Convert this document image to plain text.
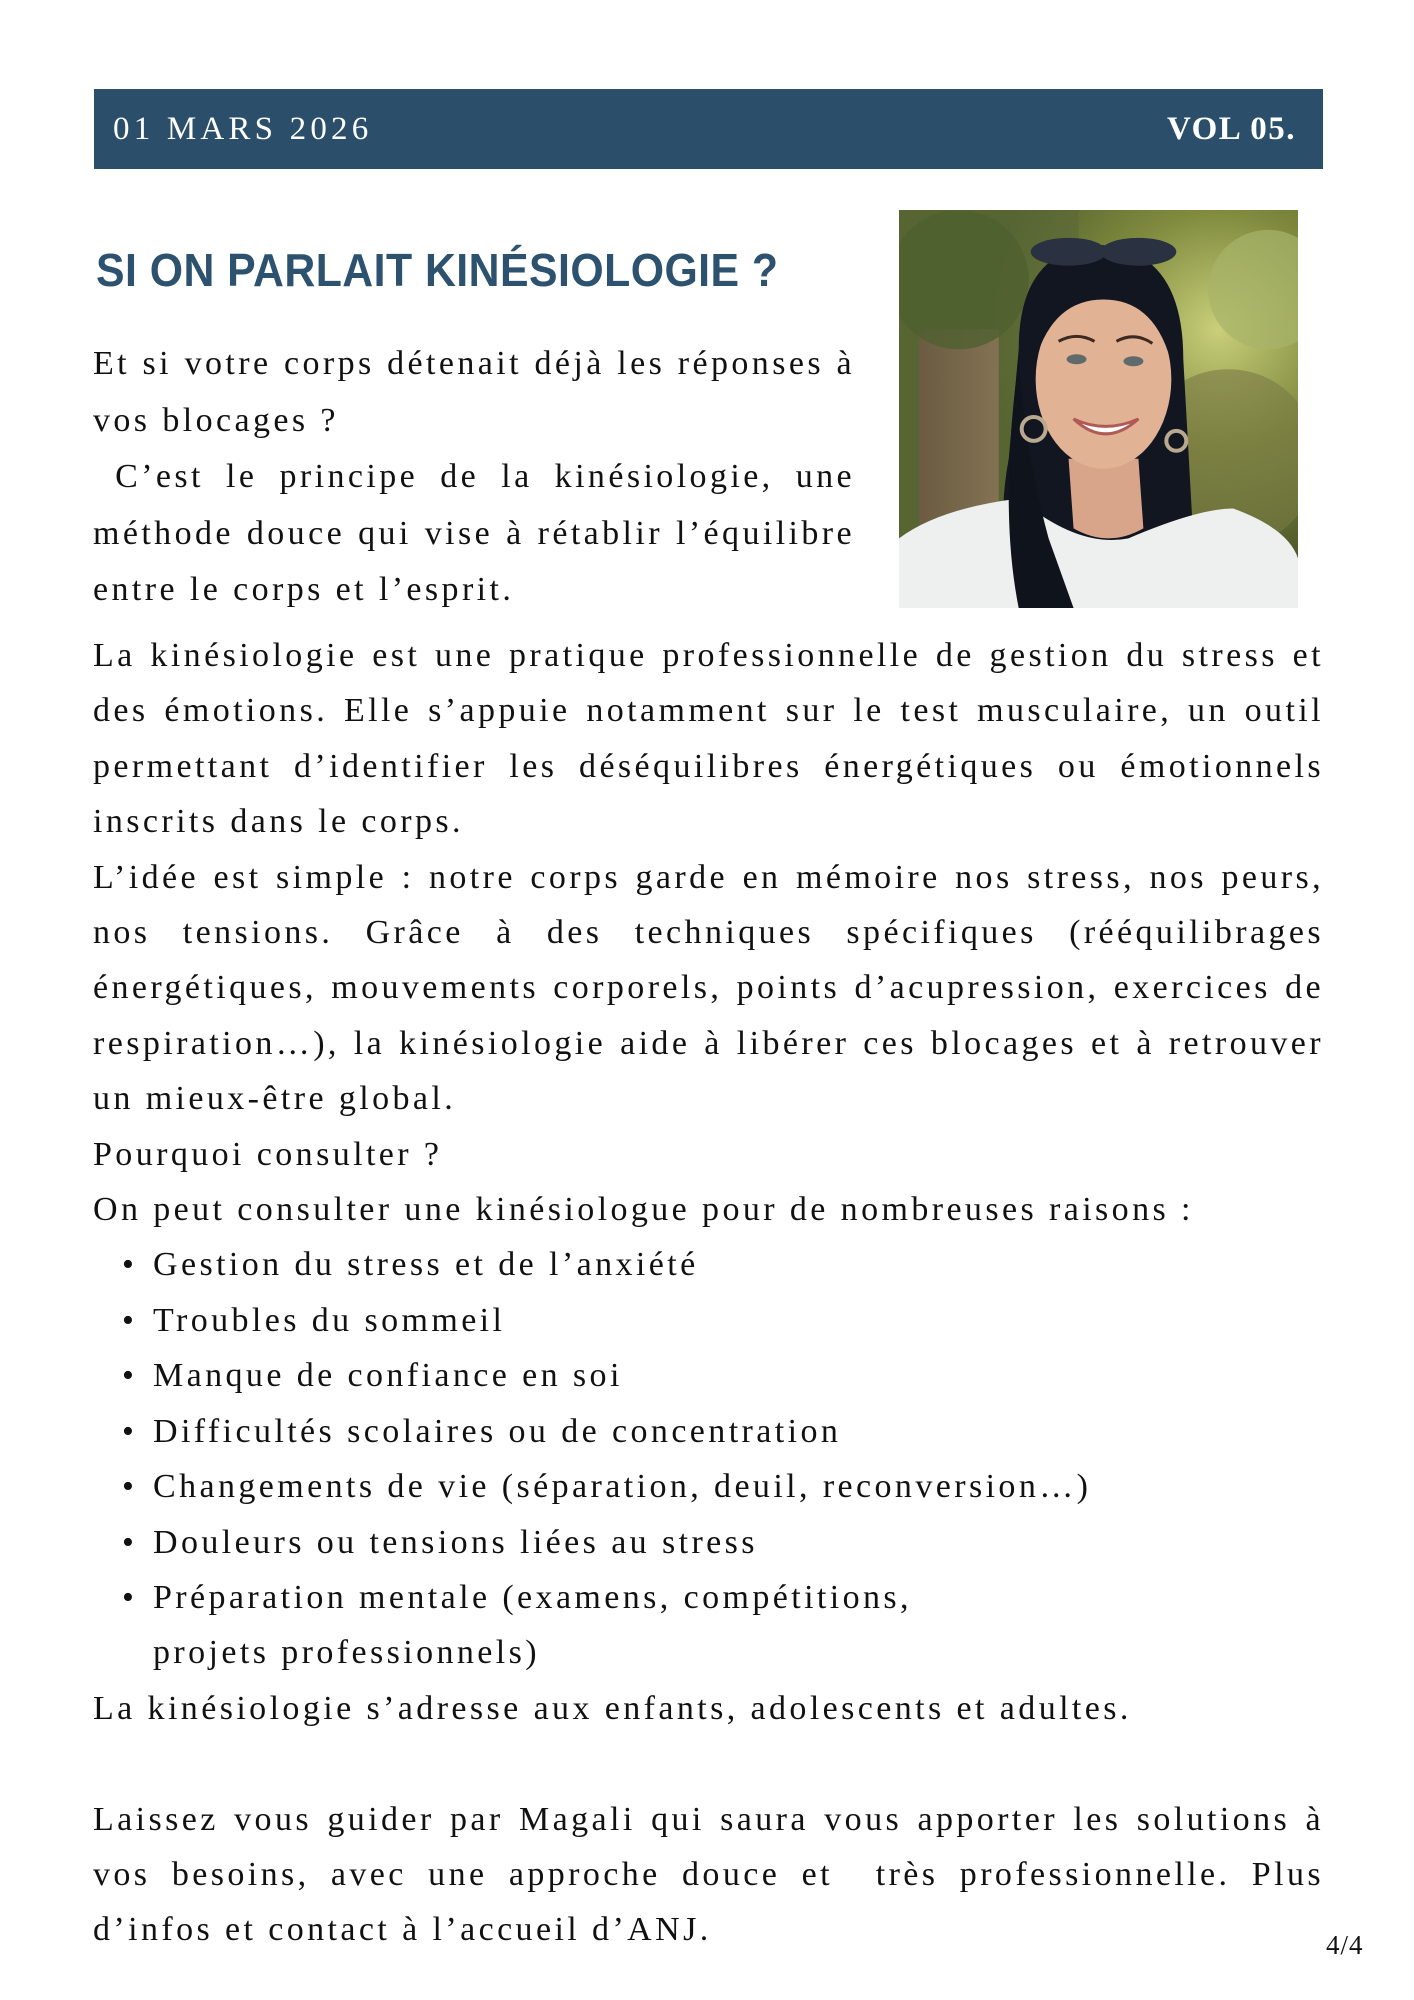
01 MARS 2026	VOL 05.
SI ON PARLAIT KINÉSIOLOGIE ?
Et si votre corps détenait déjà les réponses à vos blocages ?
C’est le principe de la kinésiologie, une méthode douce qui vise à rétablir l’équilibre entre le corps et l’esprit.

La kinésiologie est une pratique professionnelle de gestion du stress et des émotions. Elle s’appuie notamment sur le test musculaire, un outil permettant d’identifier les déséquilibres énergétiques ou émotionnels inscrits dans le corps.

L’idée est simple : notre corps garde en mémoire nos stress, nos peurs, nos tensions. Grâce à des techniques spécifiques (rééquilibrages énergétiques, mouvements corporels, points d’acupression, exercices de respiration…), la kinésiologie aide à libérer ces blocages et à retrouver un mieux-être global.

Pourquoi consulter ?

On peut consulter une kinésiologue pour de nombreuses raisons :

• Gestion du stress et de l’anxiété
• Troubles du sommeil
• Manque de confiance en soi
• Difficultés scolaires ou de concentration
• Changements de vie (séparation, deuil, reconversion…)
• Douleurs ou tensions liées au stress
• Préparation mentale (examens, compétitions, projets professionnels)

La kinésiologie s’adresse aux enfants, adolescents et adultes.

Laissez vous guider par Magali qui saura vous apporter les solutions à vos besoins, avec une approche douce et  très professionnelle. Plus d’infos et contact à l’accueil d’ANJ.	4/4
